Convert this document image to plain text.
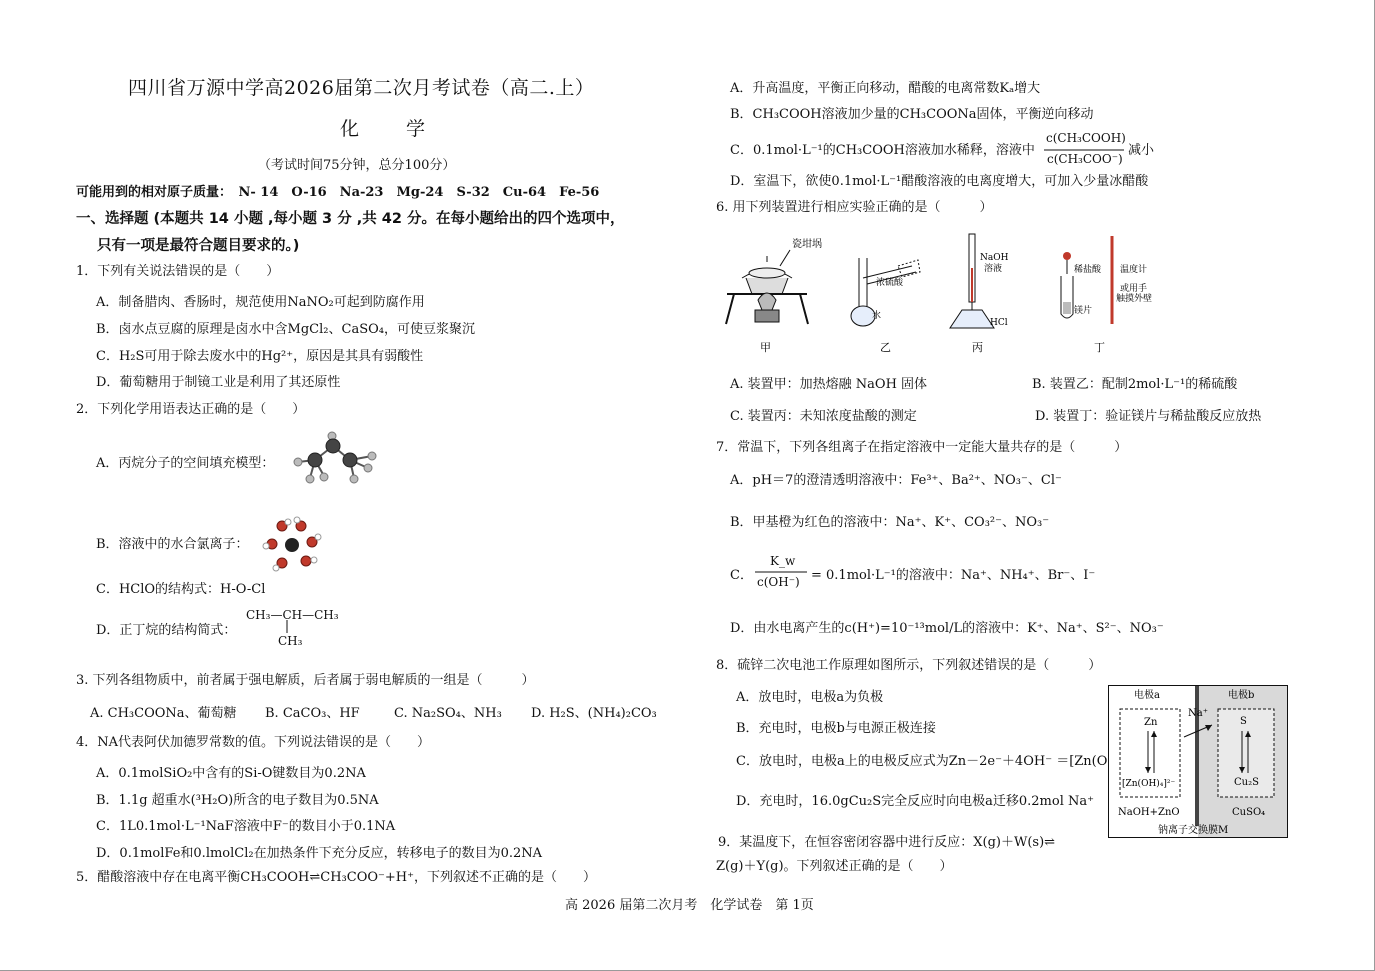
四川省万源中学高2026届第二次月考试卷（高二.上）
化　学
（考试时间75分钟，总分100分）
可能用到的相对原子质量：　N- 14　O-16　Na-23　Mg-24　S-32　Cu-64　Fe-56
一、选择题 (本题共 14 小题 ,每小题 3 分 ,共 42 分。在每小题给出的四个选项中，
只有一项是最符合题目要求的。)
1．下列有关说法错误的是（　　）
A．制备腊肉、香肠时，规范使用NaNO₂可起到防腐作用
B．卤水点豆腐的原理是卤水中含MgCl₂、CaSO₄，可使豆浆聚沉
C．H₂S可用于除去废水中的Hg²⁺，原因是其具有弱酸性
D．葡萄糖用于制镜工业是利用了其还原性
2．下列化学用语表达正确的是（　　）
A．丙烷分子的空间填充模型：
B．溶液中的水合氯离子：
C．HClO的结构式：H-O-Cl
D．正丁烷的结构简式：
CH₃—CH—CH₃
CH₃
3. 下列各组物质中，前者属于强电解质，后者属于弱电解质的一组是（　　　）
A. CH₃COONa、葡萄糖 B. CaCO₃、HF	C. Na₂SO₄、NH₃ D. H₂S、(NH₄)₂CO₃
4．NA代表阿伏加德罗常数的值。下列说法错误的是（　　）
A．0.1molSiO₂中含有的Si-O键数目为0.2NA
B．1.1g 超重水(³H₂O)所含的电子数目为0.5NA
C．1L0.1mol·L⁻¹NaF溶液中F⁻的数目小于0.1NA
D．0.1molFe和0.lmolCl₂在加热条件下充分反应，转移电子的数目为0.2NA
5．醋酸溶液中存在电离平衡CH₃COOH⇌CH₃COO⁻+H⁺，下列叙述不正确的是（　　）
A．升高温度，平衡正向移动，醋酸的电离常数Kₐ增大
B．CH₃COOH溶液加少量的CH₃COONa固体，平衡逆向移动
C．0.1mol·L⁻¹的CH₃COOH溶液加水稀释，溶液中
c(CH₃COOH)
c(CH₃COO⁻)
减小
D．室温下，欲使0.1mol·L⁻¹醋酸溶液的电离度增大，可加入少量冰醋酸
6. 用下列装置进行相应实验正确的是（　　　）
瓷坩埚
甲
浓硫酸
水
乙
NaOH
溶液
HCl
丙
稀盐酸
镁片
温度计
或用手
触摸外壁
丁
A. 装置甲：加热熔融 NaOH 固体	B. 装置乙：配制2mol·L⁻¹的稀硫酸
C. 装置丙：未知浓度盐酸的测定	D. 装置丁：验证镁片与稀盐酸反应放热
7．常温下，下列各组离子在指定溶液中一定能大量共存的是（　　　）
A．pH＝7的澄清透明溶液中：Fe³⁺、Ba²⁺、NO₃⁻、Cl⁻
B．甲基橙为红色的溶液中：Na⁺、K⁺、CO₃²⁻、NO₃⁻
C．
K_w
c(OH⁻) = 0.1mol·L⁻¹的溶液中：Na⁺、NH₄⁺、Br⁻、I⁻
D．由水电离产生的c(H⁺)=10⁻¹³mol/L的溶液中：K⁺、Na⁺、S²⁻、NO₃⁻
8．硫锌二次电池工作原理如图所示，下列叙述错误的是（　　　）
A．放电时，电极a为负极
B．充电时，电极b与电源正极连接
C．放电时，电极a上的电极反应式为Zn－2e⁻＋4OH⁻ ＝[Zn(O
D．充电时，16.0gCu₂S完全反应时向电极a迁移0.2mol Na⁺
电极a	电极b
Na⁺
Zn
[Zn(OH)₄]²⁻
S
Cu₂S
NaOH+ZnO	CuSO₄
钠离子交换膜M
9．某温度下，在恒容密闭容器中进行反应：X(g)＋W(s)⇌
Z(g)＋Y(g)。下列叙述正确的是（　　）
高 2026 届第二次月考　化学试卷　第 1页
